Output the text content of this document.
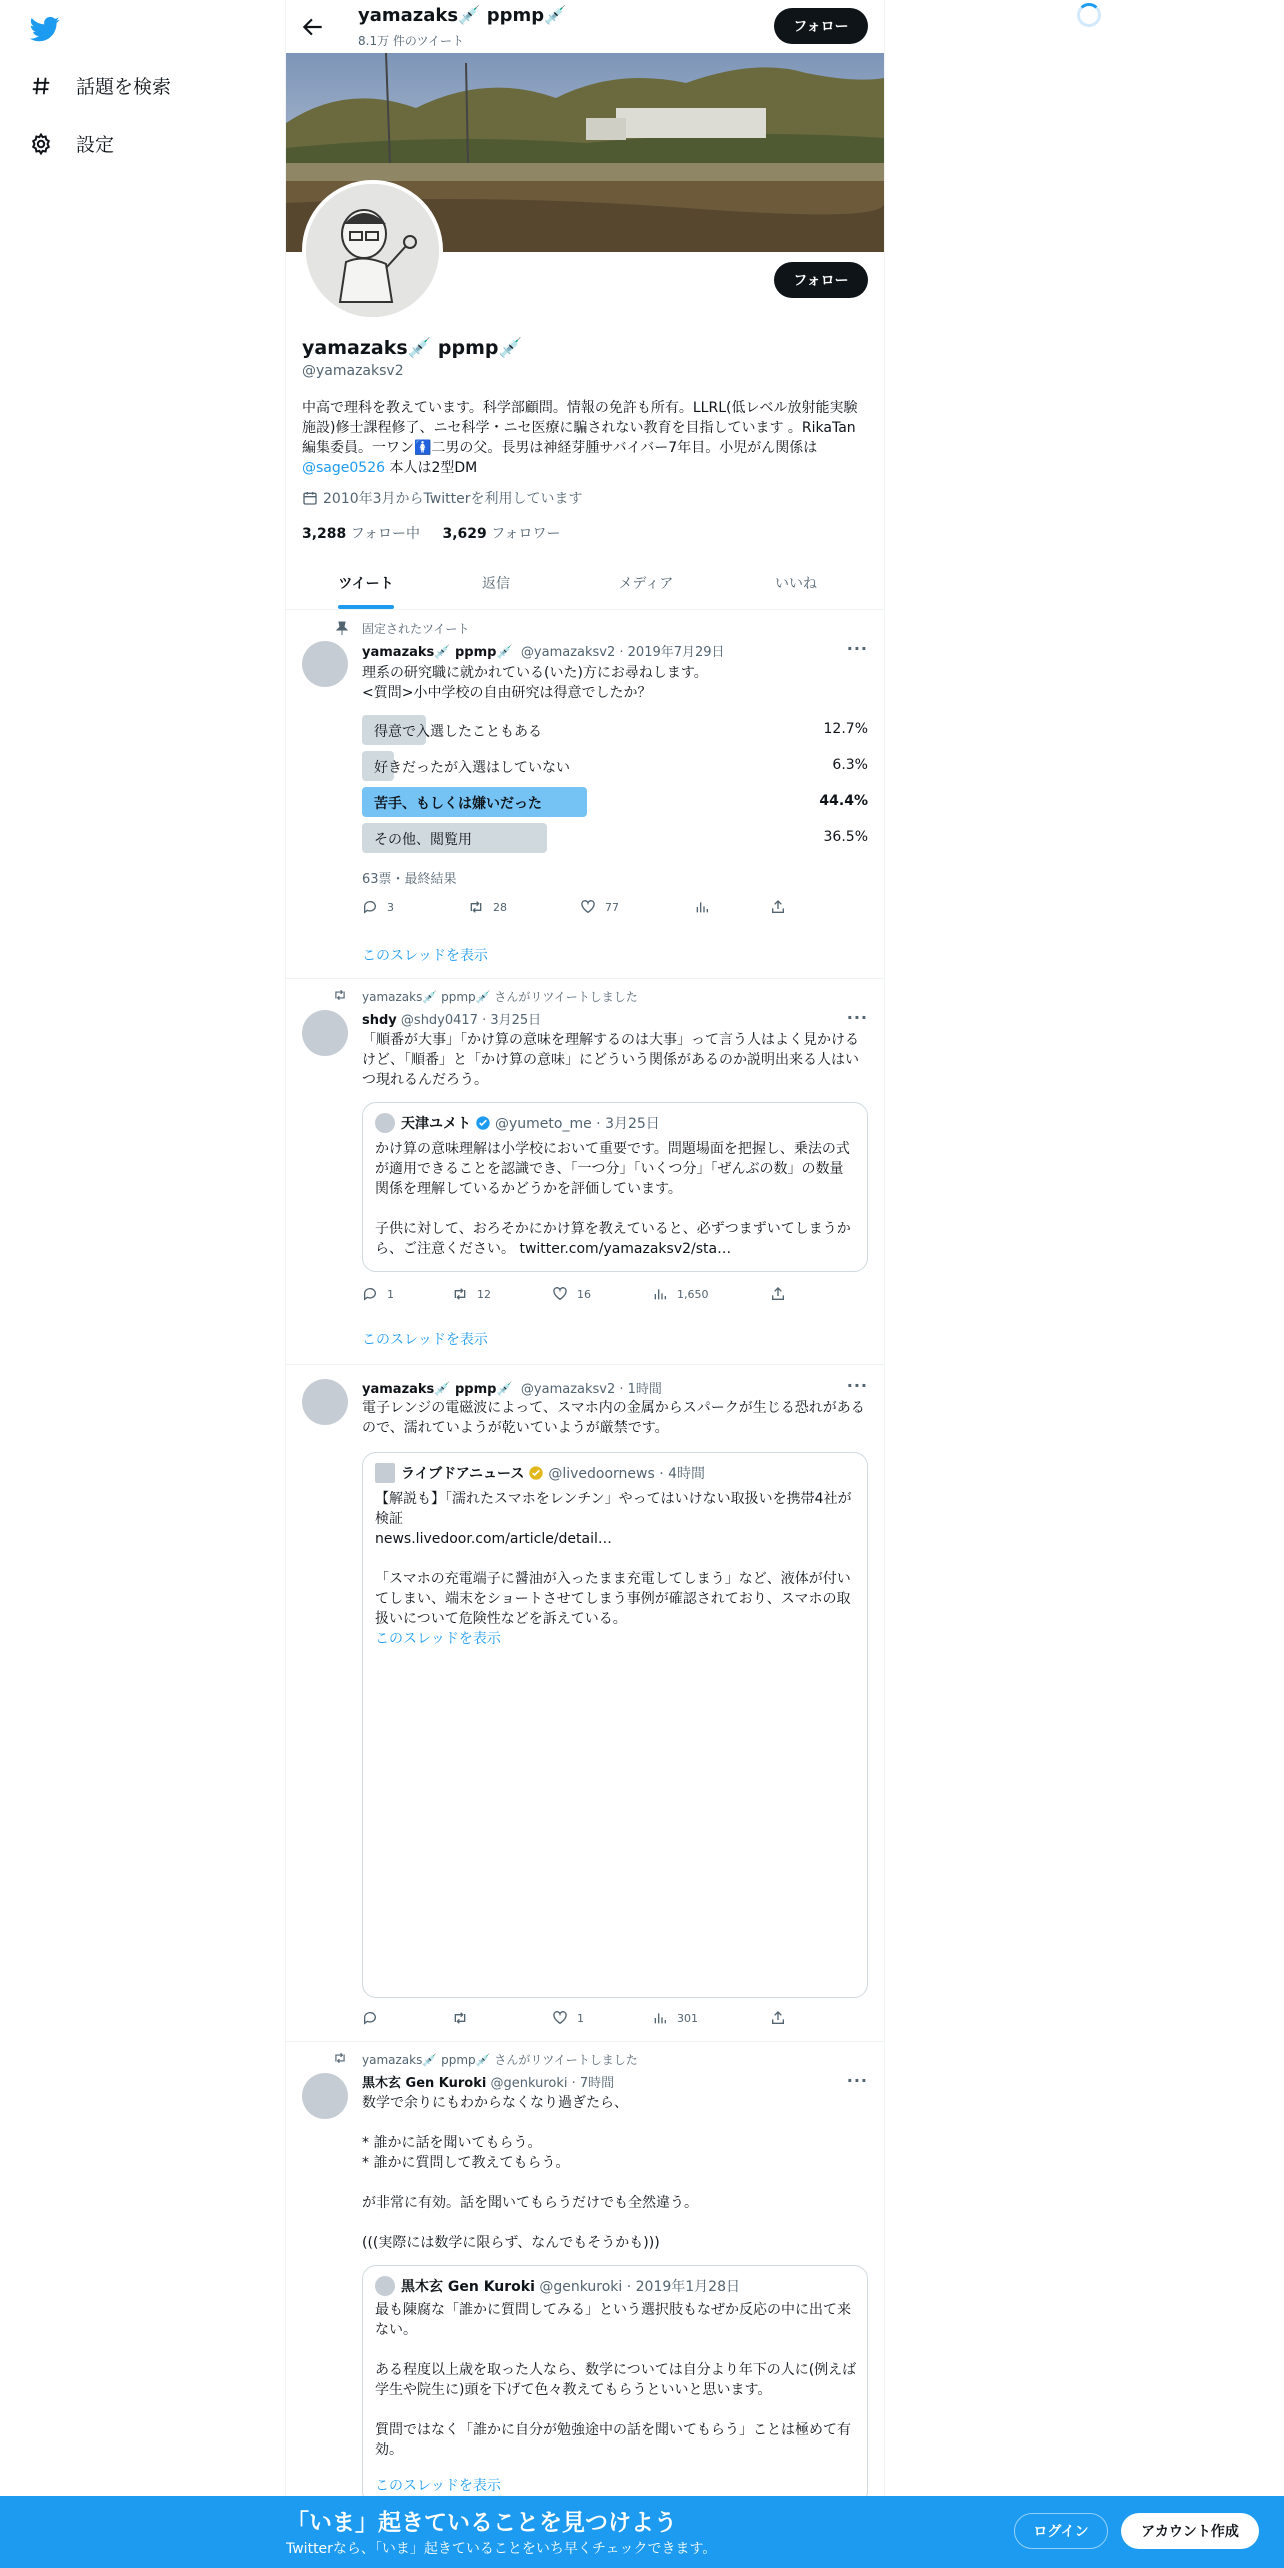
話題を検索
設定
yamazaks💉 ppmp💉
8.1万 件のツイート
フォロー
フォロー
yamazaks💉 ppmp💉
@yamazaksv2
中高で理科を教えています。科学部顧問。情報の免許も所有。LLRL(低レベル放射能実験施設)修士課程修了、ニセ科学・ニセ医療に騙されない教育を目指しています 。RikaTan編集委員。一ワン🚺二男の父。長男は神経芽腫サバイバー7年目。小児がん関係は @sage0526 本人は2型DM
2010年3月からTwitterを利用しています
3,288 フォロー中 3,629 フォロワー
ツイート	返信	メディア	いいね
固定されたツイート
yamazaks💉 ppmp💉 @yamazaksv2 · 2019年7月29日	···
理系の研究職に就かれている(いた)方にお尋ねします。
<質問>小中学校の自由研究は得意でしたか？
得意で入選したこともある	12.7%
好きだったが入選はしていない	6.3%
苦手、もしくは嫌いだった	44.4%
その他、閲覧用	36.5%
63票・最終結果
3	28	77
このスレッドを表示
yamazaks💉 ppmp💉 さんがリツイートしました
shdy @shdy0417 · 3月25日	···
「順番が大事」「かけ算の意味を理解するのは大事」って言う人はよく見かけるけど、「順番」と「かけ算の意味」にどういう関係があるのか説明出来る人はいつ現れるんだろう。
天津ユメト @yumeto_me · 3月25日
かけ算の意味理解は小学校において重要です。問題場面を把握し、乗法の式が適用できることを認識でき、「一つ分」「いくつ分」「ぜんぶの数」の数量関係を理解しているかどうかを評価しています。

子供に対して、おろそかにかけ算を教えていると、必ずつまずいてしまうから、ご注意ください。 twitter.com/yamazaksv2/sta…
1	12	16	1,650
このスレッドを表示
yamazaks💉 ppmp💉 @yamazaksv2 · 1時間	···
電子レンジの電磁波によって、スマホ内の金属からスパークが生じる恐れがあるので、濡れていようが乾いていようが厳禁です。
ライブドアニュース @livedoornews · 4時間
【解説も】「濡れたスマホをレンチン」やってはいけない取扱いを携帯4社が検証
news.livedoor.com/article/detail…

「スマホの充電端子に醤油が入ったまま充電してしまう」など、液体が付いてしまい、端末をショートさせてしまう事例が確認されており、スマホの取扱いについて危険性などを訴えている。
このスレッドを表示
1	301
yamazaks💉 ppmp💉 さんがリツイートしました
黒木玄 Gen Kuroki @genkuroki · 7時間	···
数学で余りにもわからなくなり過ぎたら、

* 誰かに話を聞いてもらう。
* 誰かに質問して教えてもらう。

が非常に有効。話を聞いてもらうだけでも全然違う。

(((実際には数学に限らず、なんでもそうかも)))
黒木玄 Gen Kuroki
@genkuroki · 2019年1月28日
最も陳腐な「誰かに質問してみる」という選択肢もなぜか反応の中に出て来ない。

ある程度以上歳を取った人なら、数学については自分より年下の人に(例えば学生や院生に)頭を下げて色々教えてもらうといいと思います。

質問ではなく「誰かに自分が勉強途中の話を聞いてもらう」ことは極めて有効。
このスレッドを表示
「いま」起きていることを見つけよう
Twitterなら、「いま」起きていることをいち早くチェックできます。
ログイン	アカウント作成
